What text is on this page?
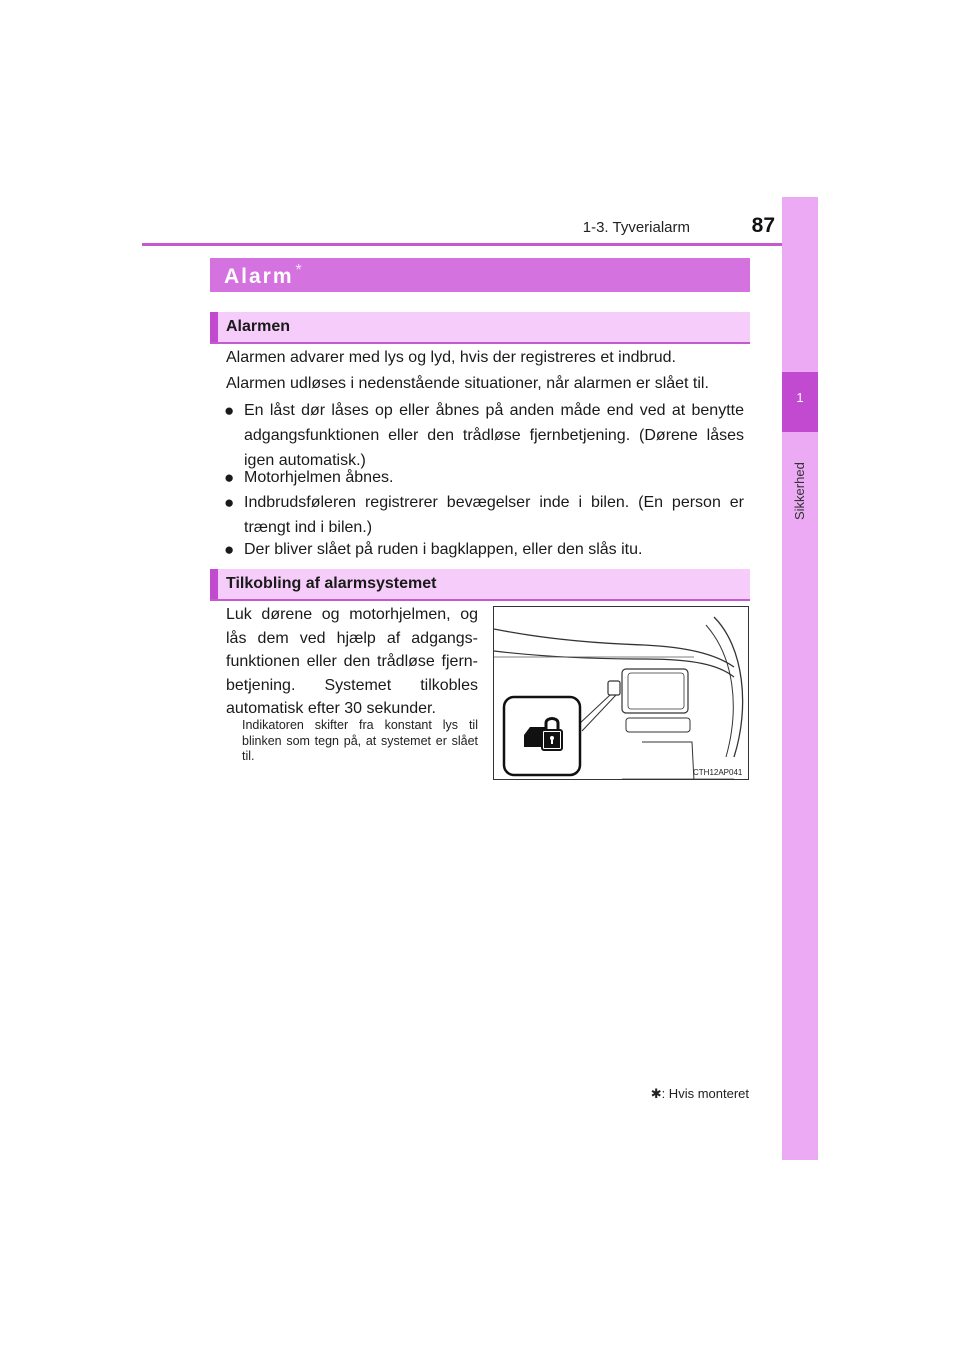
1-3. Tyverialarm	87
1
Sikkerhed
Alarm *
Alarmen
Alarmen advarer med lys og lyd, hvis der registreres et indbrud.
Alarmen udløses i nedenstående situationer, når alarmen er slået til.
● En låst dør låses op eller åbnes på anden måde end ved at benytte adgangsfunktionen eller den trådløse fjernbetjening. (Dørene låses igen automatisk.)
● Motorhjelmen åbnes.
● Indbrudsføleren registrerer bevægelser inde i bilen. (En person er trængt ind i bilen.)
● Der bliver slået på ruden i bagklappen, eller den slås itu.
Tilkobling af alarmsystemet
Luk dørene og motorhjelmen, og lås dem ved hjælp af adgangs-funktionen eller den trådløse fjern-betjening. Systemet tilkobles automatisk efter 30 sekunder.
Indikatoren skifter fra konstant lys til blinken som tegn på, at systemet er slået til.
CTH12AP041
✱: Hvis monteret
